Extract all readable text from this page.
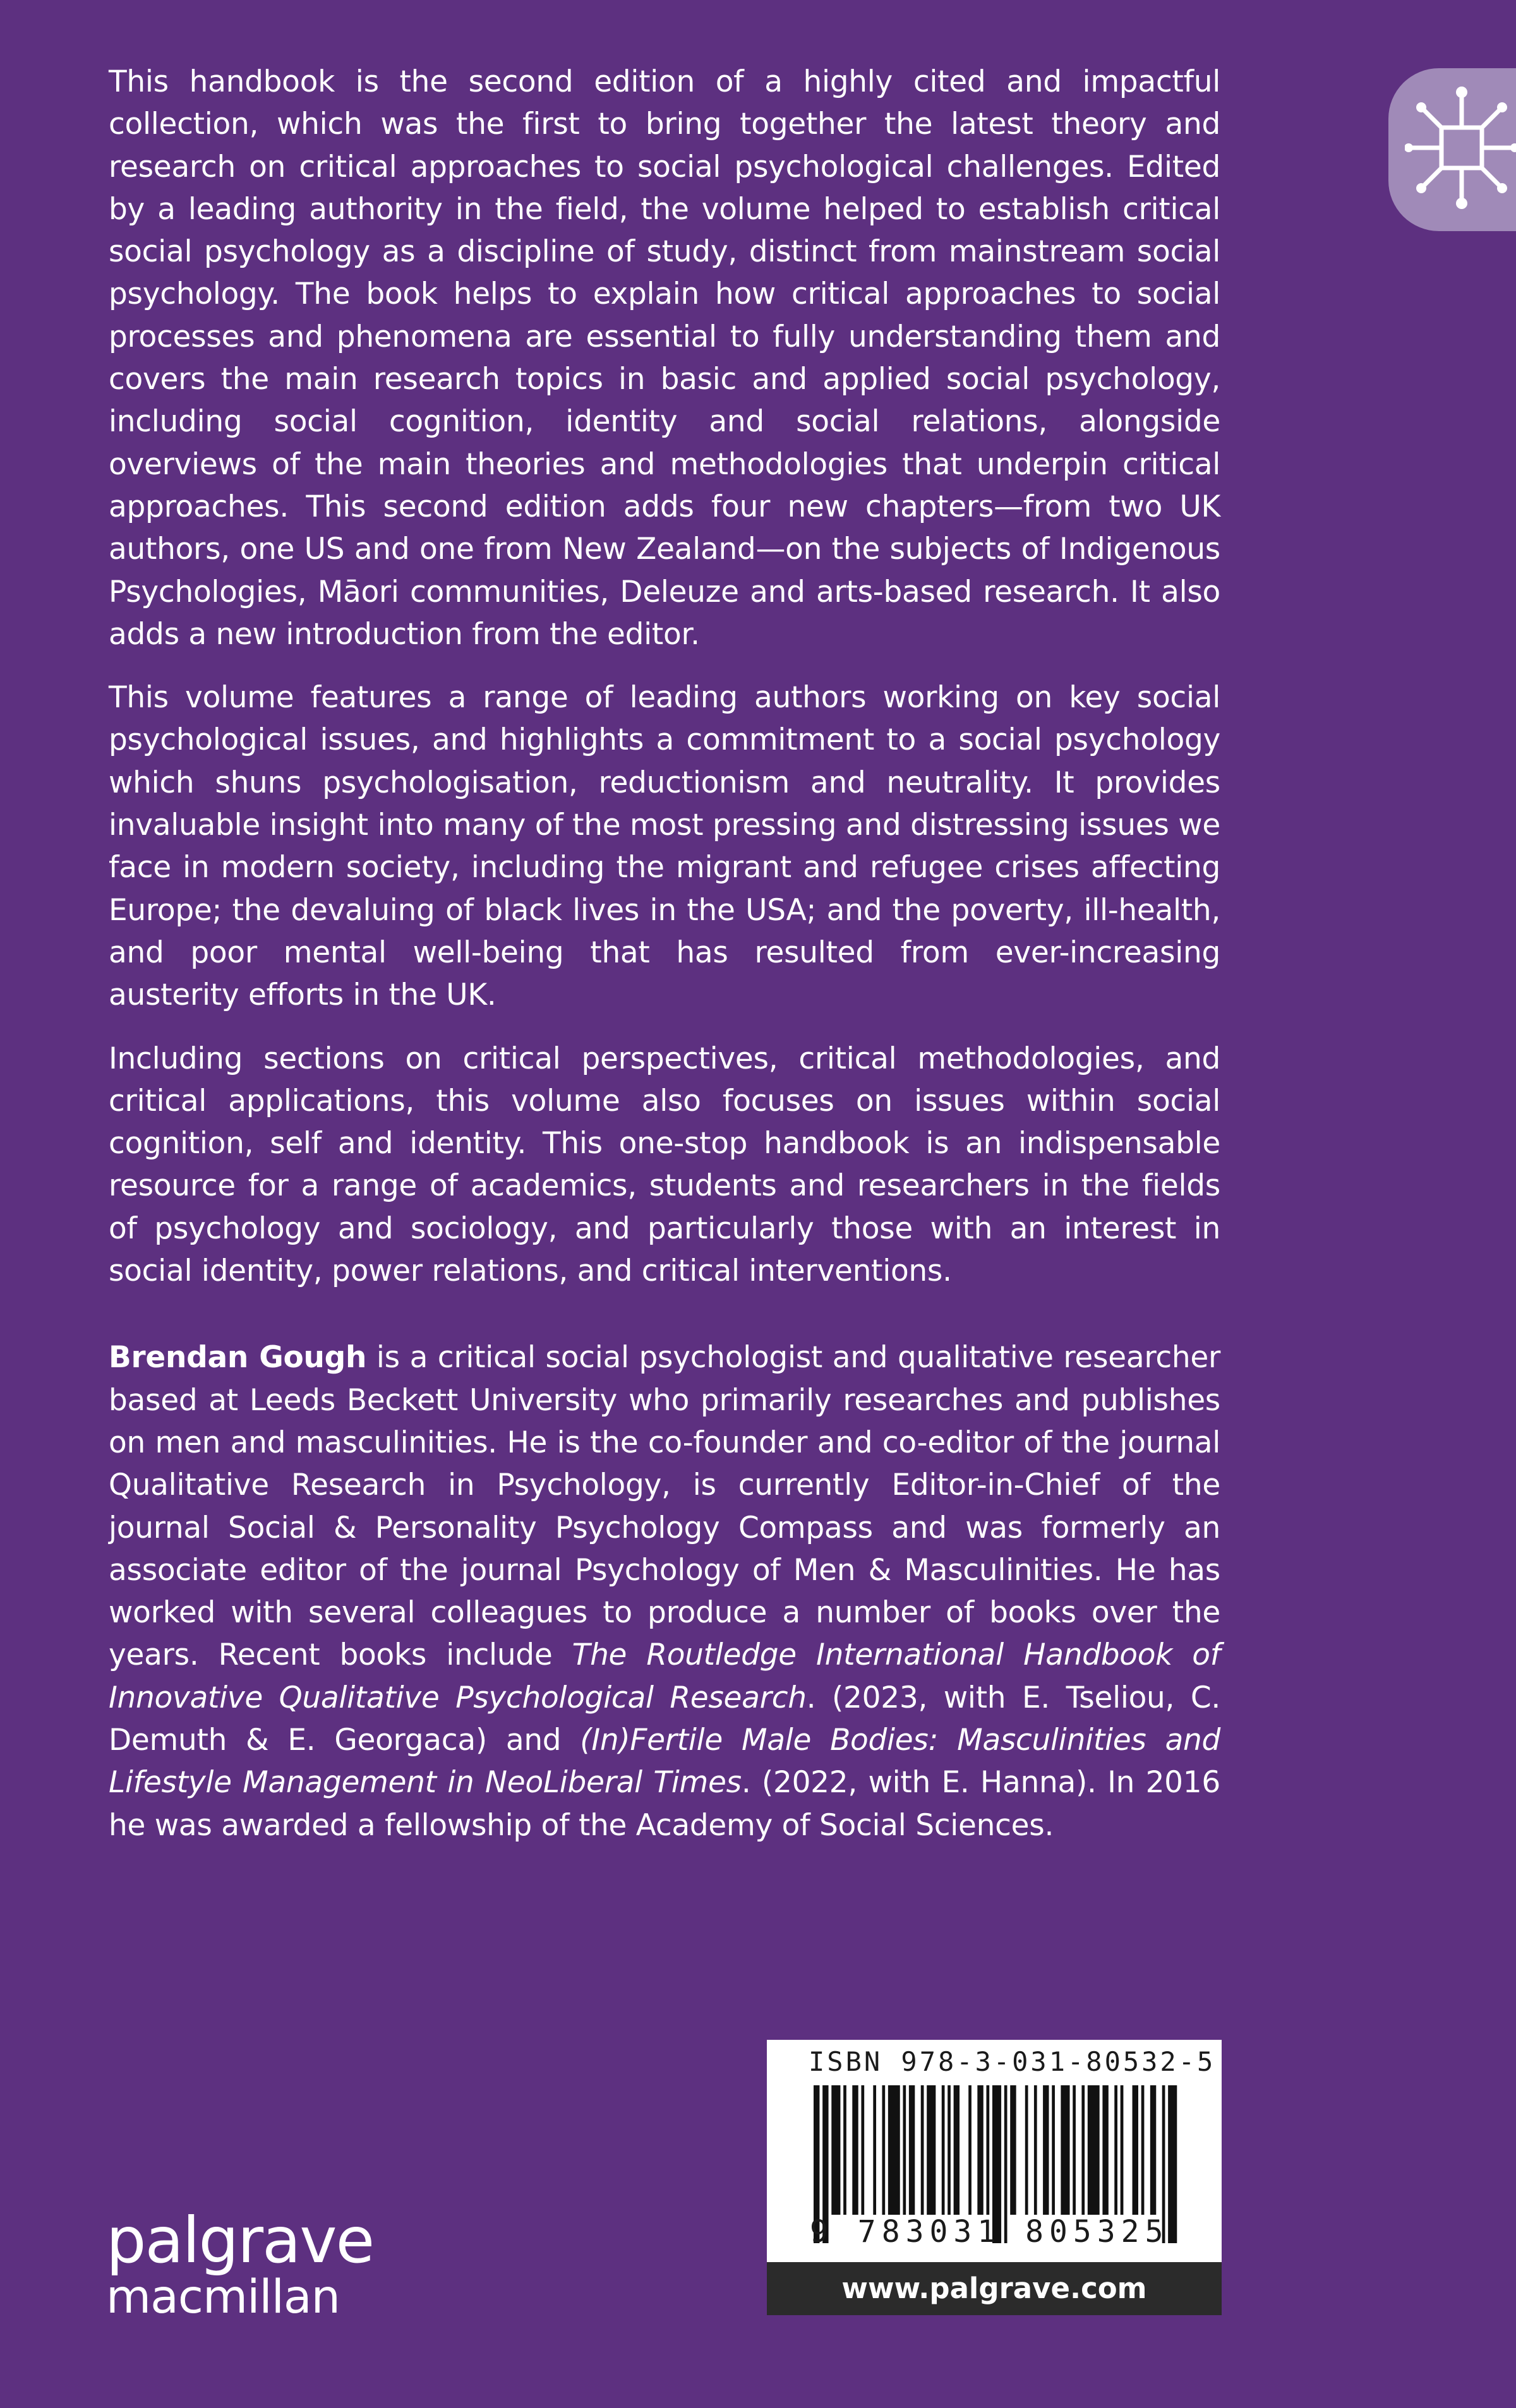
This handbook is the second edition of a highly cited and impactful collection, which was the first to bring together the latest theory and research on critical approaches to social psychological challenges. Edited by a leading authority in the field, the volume helped to establish critical social psychology as a discipline of study, distinct from mainstream social psychology. The book helps to explain how critical approaches to social processes and phenomena are essential to fully understanding them and covers the main research topics in basic and applied social psychology, including social cognition, identity and social relations, alongside overviews of the main theories and methodologies that underpin critical approaches. This second edition adds four new chapters—from two UK authors, one US and one from New Zealand—on the subjects of Indigenous Psychologies, Māori communities, Deleuze and arts-based research. It also adds a new introduction from the editor.

This volume features a range of leading authors working on key social psychological issues, and highlights a commitment to a social psychology which shuns psychologisation, reductionism and neutrality. It provides invaluable insight into many of the most pressing and distressing issues we face in modern society, including the migrant and refugee crises affecting Europe; the devaluing of black lives in the USA; and the poverty, ill-health, and poor mental well-being that has resulted from ever-increasing austerity efforts in the UK.

Including sections on critical perspectives, critical methodologies, and critical applications, this volume also focuses on issues within social cognition, self and identity. This one-stop handbook is an indispensable resource for a range of academics, students and researchers in the fields of psychology and sociology, and particularly those with an interest in social identity, power relations, and critical interventions.

Brendan Gough is a critical social psychologist and qualitative researcher based at Leeds Beckett University who primarily researches and publishes on men and masculinities. He is the co-founder and co-editor of the journal Qualitative Research in Psychology, is currently Editor-in-Chief of the journal Social & Personality Psychology Compass and was formerly an associate editor of the journal Psychology of Men & Masculinities. He has worked with several colleagues to produce a number of books over the years. Recent books include The Routledge International Handbook of Innovative Qualitative Psychological Research. (2023, with E. Tseliou, C. Demuth & E. Georgaca) and (In)Fertile Male Bodies: Masculinities and Lifestyle Management in NeoLiberal Times. (2022, with E. Hanna). In 2016 he was awarded a fellowship of the Academy of Social Sciences.

palgrave
macmillan
ISBN 978-3-031-80532-5
9 783031 805325
www.palgrave.com
